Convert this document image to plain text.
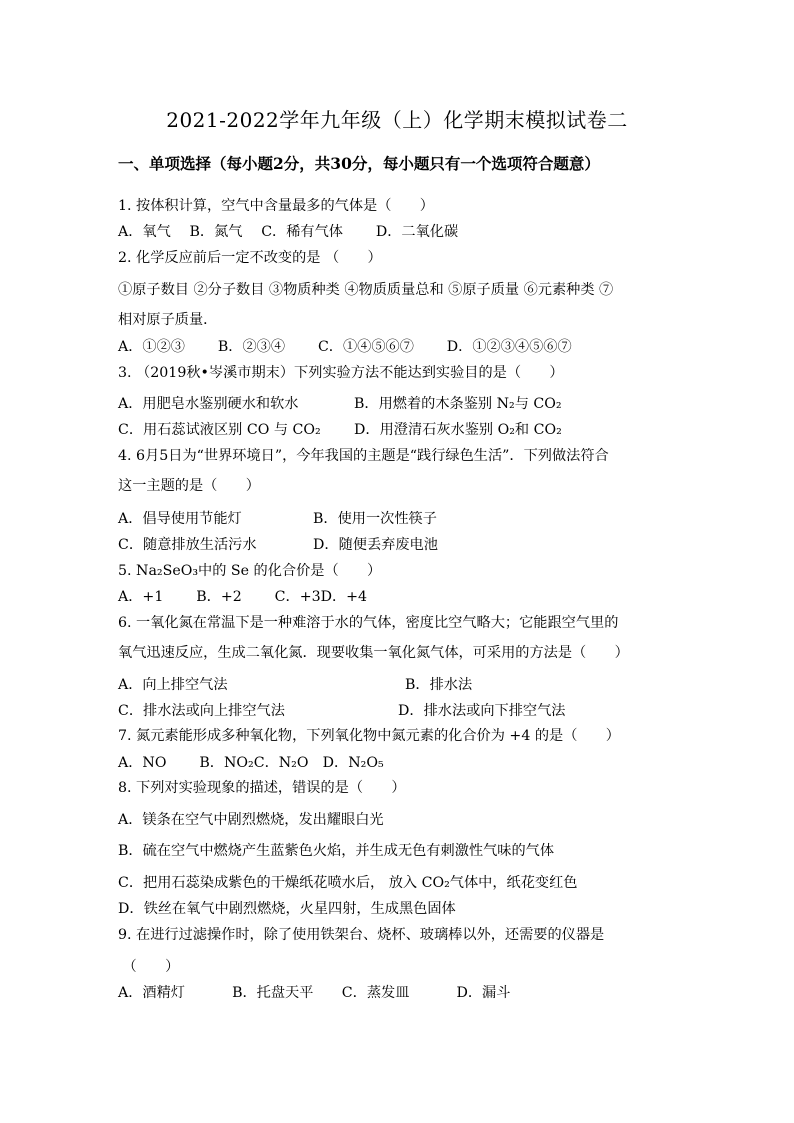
2021-2022学年九年级（上）化学期末模拟试卷二
一、单项选择（每小题2分，共30分，每小题只有一个选项符合题意）
1. 按体积计算，空气中含量最多的气体是（　　）
A．氧气　 B．氮气　 C．稀有气体　　 D．二氧化碳
2. 化学反应前后一定不改变的是 （　　）
①原子数目 ②分子数目 ③物质种类 ④物质质量总和 ⑤原子质量 ⑥元素种类 ⑦
相对原子质量．
A．①②③　　 B．②③④　　 C．①④⑤⑥⑦　　 D．①②③④⑤⑥⑦
3. （2019秋•岑溪市期末）下列实验方法不能达到实验目的是（　　）
A．用肥皂水鉴别硬水和软水	B．用燃着的木条鉴别 N₂与 CO₂
C．用石蕊试液区别 CO 与 CO₂ D．用澄清石灰水鉴别 O₂和 CO₂
4. 6月5日为“世界环境日”，今年我国的主题是“践行绿色生活”．下列做法符合
这一主题的是（　　）
A．倡导使用节能灯	B．使用一次性筷子
C．随意排放生活污水	D．随便丢弃废电池
5. Na₂SeO₃中的 Se 的化合价是（　　）
A．+1　　 B．+2　　 C．+3D．+4
6. 一氧化氮在常温下是一种难溶于水的气体，密度比空气略大；它能跟空气里的
氧气迅速反应，生成二氧化氮．现要收集一氧化氮气体，可采用的方法是（　　）
A．向上排空气法	B．排水法
C．排水法或向上排空气法	D．排水法或向下排空气法
7. 氮元素能形成多种氧化物，下列氧化物中氮元素的化合价为 +4 的是（　　）
A．NO　　 B．NO₂C．N₂O　D．N₂O₅
8. 下列对实验现象的描述，错误的是（　　）
A．镁条在空气中剧烈燃烧，发出耀眼白光
B．硫在空气中燃烧产生蓝紫色火焰，并生成无色有刺激性气味的气体
C．把用石蕊染成紫色的干燥纸花喷水后， 放入 CO₂气体中，纸花变红色
D．铁丝在氧气中剧烈燃烧，火星四射，生成黑色固体
9. 在进行过滤操作时，除了使用铁架台、烧杯、玻璃棒以外，还需要的仪器是
（　　）
A．酒精灯　　　 B．托盘天平　　C．蒸发皿　　　 D．漏斗
